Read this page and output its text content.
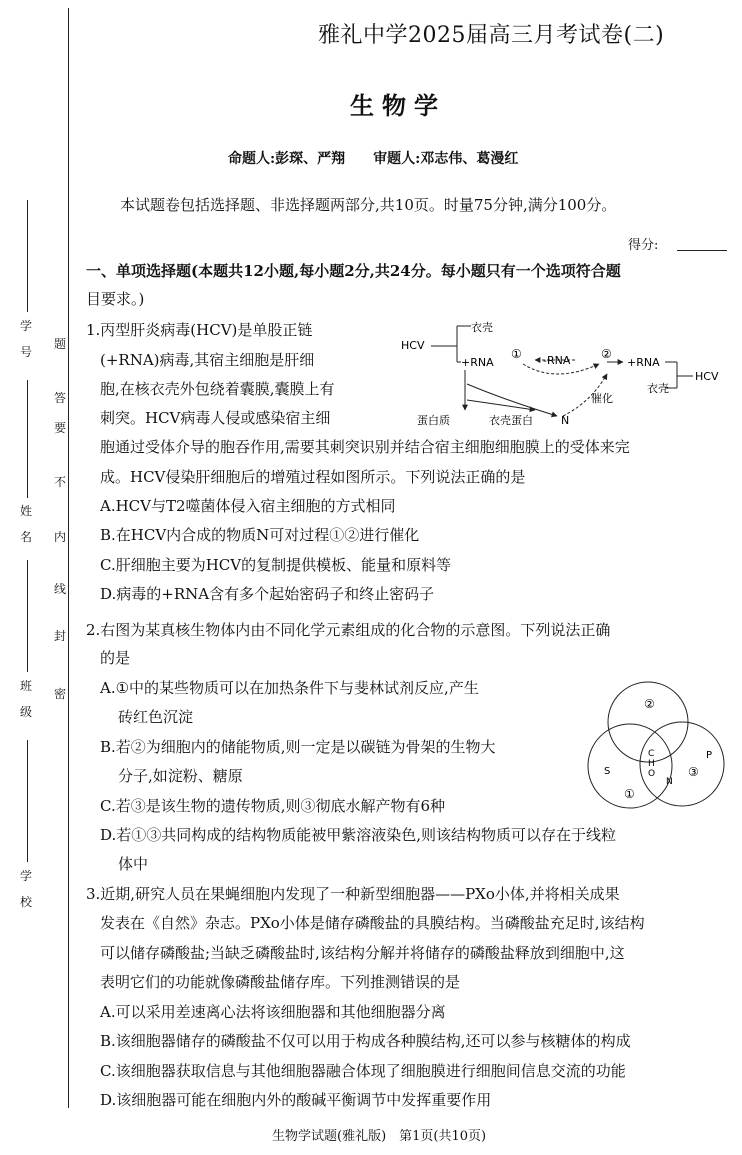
学
号
姓
名
班
级
学
校
密
封
线
内
不
要
答
题
雅礼中学2025届高三月考试卷(二)
生物学
命题人:彭琛、严翔　　审题人:邓志伟、葛漫红
本试题卷包括选择题、非选择题两部分,共10页。时量75分钟,满分100分。
得分:
一、单项选择题(本题共12小题,每小题2分,共24分。每小题只有一个选项符合题
目要求。)
1.丙型肝炎病毒(HCV)是单股正链
(+RNA)病毒,其宿主细胞是肝细
胞,在核衣壳外包绕着囊膜,囊膜上有
刺突。HCV病毒人侵或感染宿主细
胞通过受体介导的胞吞作用,需要其刺突识别并结合宿主细胞细胞膜上的受体来完
成。HCV侵染肝细胞后的增殖过程如图所示。下列说法正确的是
A.HCV与T2噬菌体侵入宿主细胞的方式相同
B.在HCV内合成的物质N可对过程①②进行催化
C.肝细胞主要为HCV的复制提供模板、能量和原料等
D.病毒的+RNA含有多个起始密码子和终止密码子
HCV
衣壳
+RNA
① -RNA	②
+RNA
HCV
衣壳
催化
蛋白质	衣壳蛋白	N
2.右图为某真核生物体内由不同化学元素组成的化合物的示意图。下列说法正确
的是
A.①中的某些物质可以在加热条件下与斐林试剂反应,产生
砖红色沉淀
B.若②为细胞内的储能物质,则一定是以碳链为骨架的生物大
分子,如淀粉、糖原
C.若③是该生物的遗传物质,则③彻底水解产物有6种
D.若①③共同构成的结构物质能被甲紫溶液染色,则该结构物质可以存在于线粒
体中
②
①
③
S
P
C
H
O
N
3.近期,研究人员在果蝇细胞内发现了一种新型细胞器——PXo小体,并将相关成果
发表在《自然》杂志。PXo小体是储存磷酸盐的具膜结构。当磷酸盐充足时,该结构
可以储存磷酸盐;当缺乏磷酸盐时,该结构分解并将储存的磷酸盐释放到细胞中,这
表明它们的功能就像磷酸盐储存库。下列推测错误的是
A.可以采用差速离心法将该细胞器和其他细胞器分离
B.该细胞器储存的磷酸盐不仅可以用于构成各种膜结构,还可以参与核糖体的构成
C.该细胞器获取信息与其他细胞器融合体现了细胞膜进行细胞间信息交流的功能
D.该细胞器可能在细胞内外的酸碱平衡调节中发挥重要作用
生物学试题(雅礼版)　第1页(共10页)
